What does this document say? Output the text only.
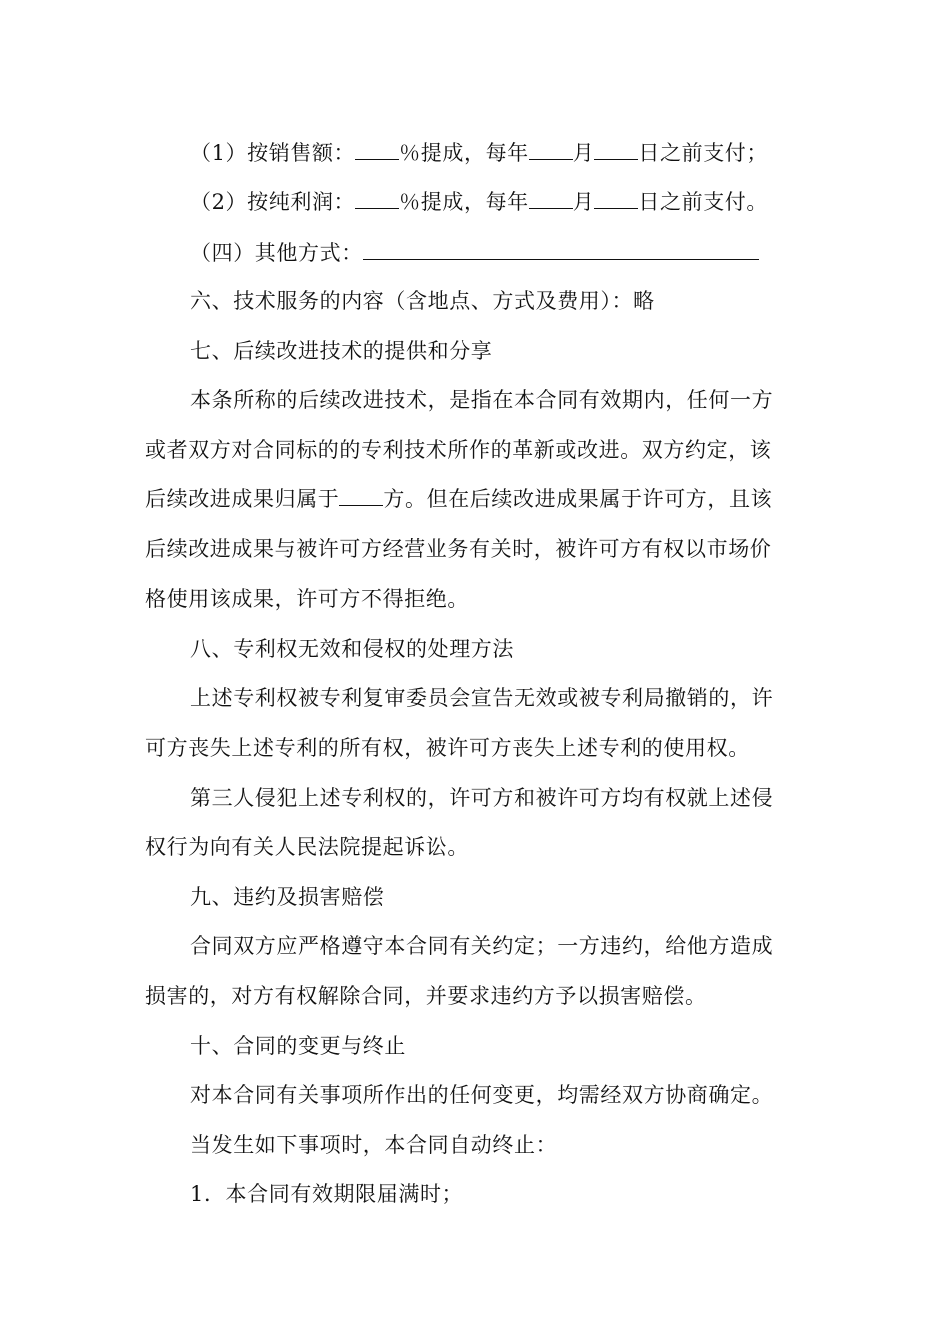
（1）按销售额： ％提成，每年 月 日之前支付；
（2）按纯利润： ％提成，每年 月 日之前支付。
（四）其他方式：
六、技术服务的内容（含地点、方式及费用）：略
七、后续改进技术的提供和分享
本条所称的后续改进技术，是指在本合同有效期内，任何一方
或者双方对合同标的的专利技术所作的革新或改进。双方约定，该
后续改进成果归属于 方。但在后续改进成果属于许可方，且该
后续改进成果与被许可方经营业务有关时，被许可方有权以市场价
格使用该成果，许可方不得拒绝。
八、专利权无效和侵权的处理方法
上述专利权被专利复审委员会宣告无效或被专利局撤销的，许
可方丧失上述专利的所有权，被许可方丧失上述专利的使用权。
第三人侵犯上述专利权的，许可方和被许可方均有权就上述侵
权行为向有关人民法院提起诉讼。
九、违约及损害赔偿
合同双方应严格遵守本合同有关约定；一方违约，给他方造成
损害的，对方有权解除合同，并要求违约方予以损害赔偿。
十、合同的变更与终止
对本合同有关事项所作出的任何变更，均需经双方协商确定。
当发生如下事项时，本合同自动终止：
1．本合同有效期限届满时；
